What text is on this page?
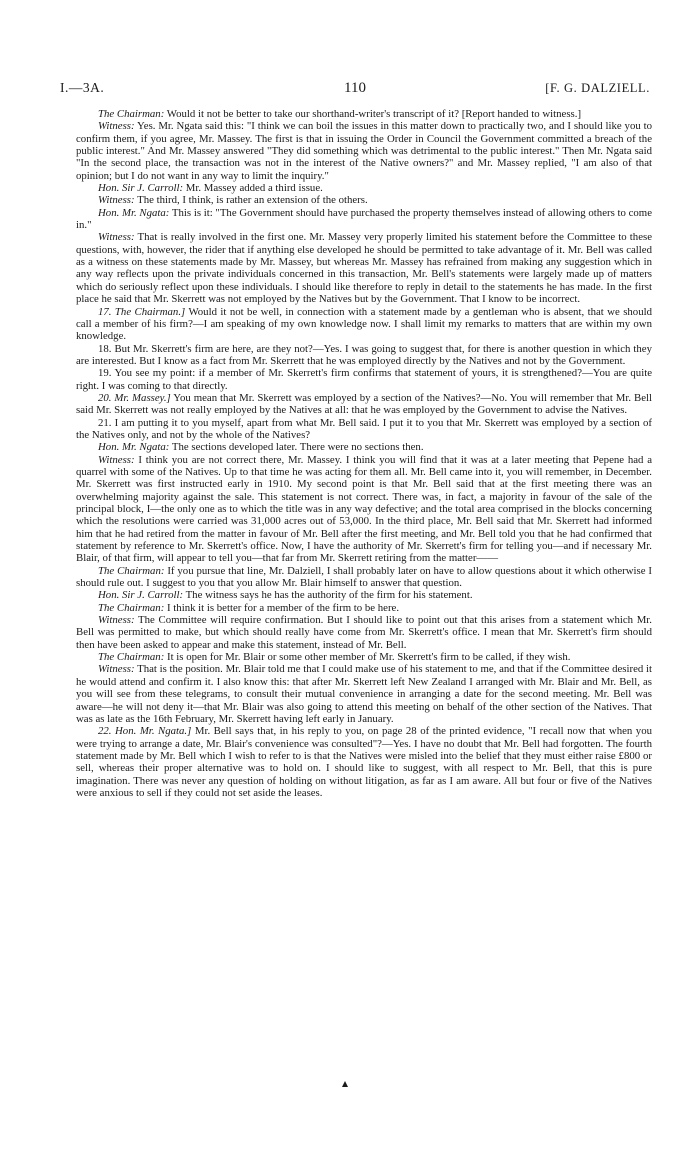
I.—3A.	110	[F. G. DALZIELL.

The Chairman: Would it not be better to take our shorthand-writer's transcript of it? [Report handed to witness.]

Witness: Yes. Mr. Ngata said this: "I think we can boil the issues in this matter down to practically two, and I should like you to confirm them, if you agree, Mr. Massey. The first is that in issuing the Order in Council the Government committed a breach of the public interest." And Mr. Massey answered "They did something which was detrimental to the public interest." Then Mr. Ngata said "In the second place, the transaction was not in the interest of the Native owners?" and Mr. Massey replied, "I am also of that opinion; but I do not want in any way to limit the inquiry."

Hon. Sir J. Carroll: Mr. Massey added a third issue.

Witness: The third, I think, is rather an extension of the others.

Hon. Mr. Ngata: This is it: "The Government should have purchased the property themselves instead of allowing others to come in."

Witness: That is really involved in the first one. Mr. Massey very properly limited his statement before the Committee to these questions, with, however, the rider that if anything else developed he should be permitted to take advantage of it. Mr. Bell was called as a witness on these statements made by Mr. Massey, but whereas Mr. Massey has refrained from making any suggestion which in any way reflects upon the private individuals concerned in this transaction, Mr. Bell's statements were largely made up of matters which do seriously reflect upon these individuals. I should like therefore to reply in detail to the statements he has made. In the first place he said that Mr. Skerrett was not employed by the Natives but by the Government. That I know to be incorrect.

17. The Chairman.] Would it not be well, in connection with a statement made by a gentleman who is absent, that we should call a member of his firm?—I am speaking of my own knowledge now. I shall limit my remarks to matters that are within my own knowledge.

18. But Mr. Skerrett's firm are here, are they not?—Yes. I was going to suggest that, for there is another question in which they are interested. But I know as a fact from Mr. Skerrett that he was employed directly by the Natives and not by the Government.

19. You see my point: if a member of Mr. Skerrett's firm confirms that statement of yours, it is strengthened?—You are quite right. I was coming to that directly.

20. Mr. Massey.] You mean that Mr. Skerrett was employed by a section of the Natives?—No. You will remember that Mr. Bell said Mr. Skerrett was not really employed by the Natives at all: that he was employed by the Government to advise the Natives.

21. I am putting it to you myself, apart from what Mr. Bell said. I put it to you that Mr. Skerrett was employed by a section of the Natives only, and not by the whole of the Natives?

Hon. Mr. Ngata: The sections developed later. There were no sections then.

Witness: I think you are not correct there, Mr. Massey. I think you will find that it was at a later meeting that Pepene had a quarrel with some of the Natives. Up to that time he was acting for them all. Mr. Bell came into it, you will remember, in December. Mr. Skerrett was first instructed early in 1910. My second point is that Mr. Bell said that at the first meeting there was an overwhelming majority against the sale. This statement is not correct. There was, in fact, a majority in favour of the sale of the principal block, I—the only one as to which the title was in any way defective; and the total area comprised in the blocks concerning which the resolutions were carried was 31,000 acres out of 53,000. In the third place, Mr. Bell said that Mr. Skerrett had informed him that he had retired from the matter in favour of Mr. Bell after the first meeting, and Mr. Bell told you that he had confirmed that statement by reference to Mr. Skerrett's office. Now, I have the authority of Mr. Skerrett's firm for telling you—and if necessary Mr. Blair, of that firm, will appear to tell you—that far from Mr. Skerrett retiring from the matter——

The Chairman: If you pursue that line, Mr. Dalziell, I shall probably later on have to allow questions about it which otherwise I should rule out. I suggest to you that you allow Mr. Blair himself to answer that question.

Hon. Sir J. Carroll: The witness says he has the authority of the firm for his statement.

The Chairman: I think it is better for a member of the firm to be here.

Witness: The Committee will require confirmation. But I should like to point out that this arises from a statement which Mr. Bell was permitted to make, but which should really have come from Mr. Skerrett's office. I mean that Mr. Skerrett's firm should then have been asked to appear and make this statement, instead of Mr. Bell.

The Chairman: It is open for Mr. Blair or some other member of Mr. Skerrett's firm to be called, if they wish.

Witness: That is the position. Mr. Blair told me that I could make use of his statement to me, and that if the Committee desired it he would attend and confirm it. I also know this: that after Mr. Skerrett left New Zealand I arranged with Mr. Blair and Mr. Bell, as you will see from these telegrams, to consult their mutual convenience in arranging a date for the second meeting. Mr. Bell was aware—he will not deny it—that Mr. Blair was also going to attend this meeting on behalf of the other section of the Natives. That was as late as the 16th February, Mr. Skerrett having left early in January.

22. Hon. Mr. Ngata.] Mr. Bell says that, in his reply to you, on page 28 of the printed evidence, "I recall now that when you were trying to arrange a date, Mr. Blair's convenience was consulted"?—Yes. I have no doubt that Mr. Bell had forgotten. The fourth statement made by Mr. Bell which I wish to refer to is that the Natives were misled into the belief that they must either raise £800 or sell, whereas their proper alternative was to hold on. I should like to suggest, with all respect to Mr. Bell, that this is pure imagination. There was never any question of holding on without litigation, as far as I am aware. All but four or five of the Natives were anxious to sell if they could not set aside the leases.
